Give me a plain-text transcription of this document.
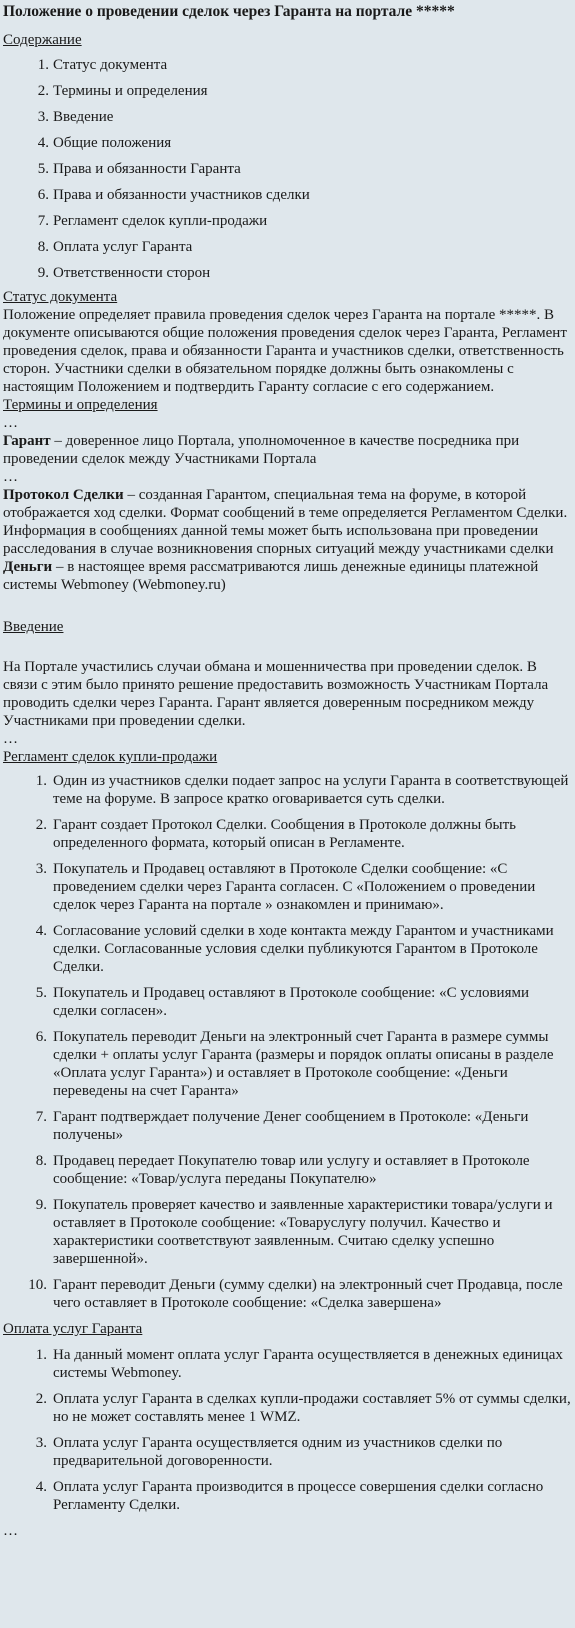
Положение о проведении сделок через Гаранта на портале *****
Содержание
1. Статус документа
2. Термины и определения
3. Введение
4. Общие положения
5. Права и обязанности Гаранта
6. Права и обязанности участников сделки
7. Регламент сделок купли-продажи
8. Оплата услуг Гаранта
9. Ответственности сторон
Статус документа

Положение определяет правила проведения сделок через Гаранта на портале *****. В документе описываются общие положения проведения сделок через Гаранта, Регламент проведения сделок, права и обязанности Гаранта и участников сделки, ответственность сторон. Участники сделки в обязательном порядке должны быть ознакомлены с настоящим Положением и подтвердить Гаранту согласие с его содержанием.

Термины и определения
…

Гарант – доверенное лицо Портала, уполномоченное в качестве посредника при проведении сделок между Участниками Портала

…

Протокол Сделки – созданная Гарантом, специальная тема на форуме, в которой отображается ход сделки. Формат сообщений в теме определяется Регламентом Сделки. Информация в сообщениях данной темы может быть использована при проведении расследования в случае возникновения спорных ситуаций между участниками сделки

Деньги – в настоящее время рассматриваются лишь денежные единицы платежной системы Webmoney (Webmoney.ru)

Введение

На Портале участились случаи обмана и мошенничества при проведении сделок. В связи с этим было принято решение предоставить возможность Участникам Портала проводить сделки через Гаранта. Гарант является доверенным посредником между Участниками при проведении сделки.

…
Регламент сделок купли-продажи
1. Один из участников сделки подает запрос на услуги Гаранта в соответствующей теме на форуме. В запросе кратко оговаривается суть сделки.
2. Гарант создает Протокол Сделки. Сообщения в Протоколе должны быть определенного формата, который описан в Регламенте.
3. Покупатель и Продавец оставляют в Протоколе Сделки сообщение: «С проведением сделки через Гаранта согласен. С «Положением о проведении сделок через Гаранта на портале » ознакомлен и принимаю».
4. Согласование условий сделки в ходе контакта между Гарантом и участниками сделки. Согласованные условия сделки публикуются Гарантом в Протоколе Сделки.
5. Покупатель и Продавец оставляют в Протоколе сообщение: «С условиями сделки согласен».
6. Покупатель переводит Деньги на электронный счет Гаранта в размере суммы сделки + оплаты услуг Гаранта (размеры и порядок оплаты описаны в разделе «Оплата услуг Гаранта») и оставляет в Протоколе сообщение: «Деньги переведены на счет Гаранта»
7. Гарант подтверждает получение Денег сообщением в Протоколе: «Деньги получены»
8. Продавец передает Покупателю товар или услугу и оставляет в Протоколе сообщение: «Товар/услуга переданы Покупателю»
9. Покупатель проверяет качество и заявленные характеристики товара/услуги и оставляет в Протоколе сообщение: «Товаруслугу получил. Качество и характеристики соответствуют заявленным. Считаю сделку успешно завершенной».
10. Гарант переводит Деньги (сумму сделки) на электронный счет Продавца, после чего оставляет в Протоколе сообщение: «Сделка завершена»
Оплата услуг Гаранта
1. На данный момент оплата услуг Гаранта осуществляется в денежных единицах системы Webmoney.
2. Оплата услуг Гаранта в сделках купли-продажи составляет 5% от суммы сделки, но не может составлять менее 1 WMZ.
3. Оплата услуг Гаранта осуществляется одним из участников сделки по предварительной договоренности.
4. Оплата услуг Гаранта производится в процессе совершения сделки согласно Регламенту Сделки.
…
